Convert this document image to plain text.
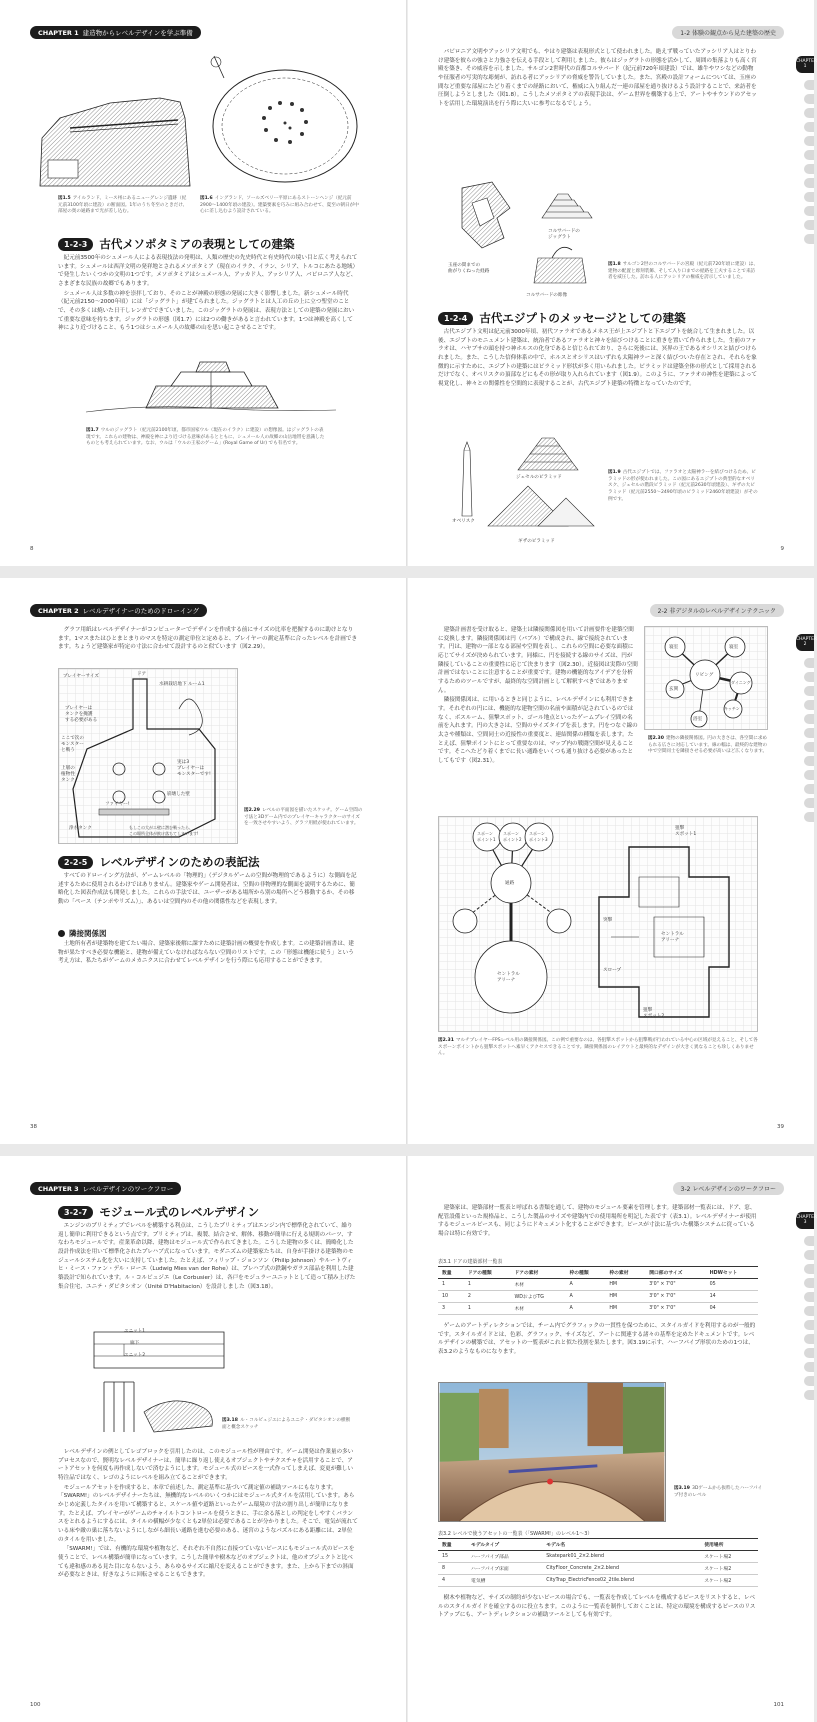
CHAPTER 1 建造物からレベルデザインを学ぶ準備
図1.5 アイルランド、ミース州にあるニューグレンジ遺跡（紀元前3100年頃に建設）の断面図。1年のうち冬至のときだけ、部屋の奥の通路まで光が差し込む。
図1.6 イングランド、ソールズベリー平原にあるストーンヘンジ（紀元前2900〜1400年頃の建設）。建築要素を巧みに組み合わせて、夏至の朝日が中心に差し込むよう設計されている。
1-2-3	古代メソポタミアの表現としての建築

紀元前3500年のシュメール人による表現技法の発明は、人類の歴史の先史時代と有史時代の境い目と広く考えられています。シュメールは西洋文明の発祥地とされるメソポタミア（現在のイラク、イラン、シリア、トルコにあたる地域）で発生したいくつかの文明の1つです。メソポタミアはシュメール人、アッカド人、アッシリア人、バビロニア人など、さまざまな民族の故郷でもあります。

シュメール人は多数の神を崇拝しており、そのことが神殿の形態の発展に大きく影響しました。新シュメール時代（紀元前2150〜2000年頃）には「ジッグラト」が建てられました。ジッグラトとは人工の丘の上に立つ聖堂のことで、その多くは焼いた日干しレンガでできていました。このジッグラトの発展は、表現方法としての建築の発展において重要な意味を持ちます。ジッグラトの形態（図1.7）には2つの働きがあると言われています。1つは神殿を高くして神により近づけること、もう1つはシュメール人の故郷の山を思い起こさせることです。

図1.7 ウルのジッグラト（紀元前2100年頃、都市国家ウル（現在のイラク）に建設）の想像図。はジッグラトの表現です。これらの建物は、神殿を神により近づける意味があるとともに、シュメール人の故郷の山岳地帯を意識したものとも考えられています。なお、ウルは「ウルの王家のゲーム」(Royal Game of Ur) でも有名です。
8
1-2 体験の観点から見た建築の歴史
CHAPTER 1

バビロニア文明やアッシリア文明でも、やはり建築は表現形式として使われました。絶えず戦っていたアッシリア人はとりわけ建築を彼らの強さと力強さを伝える手段として利用しました。彼らはジッグラトの形態を活かして、周囲の集落よりも高く宮殿を築き、その威容を示しました。サルゴン2世時代の首都コルサバード（紀元前720年頃建設）では、雄牛やワシなどの動物や征服者の写実的な彫刻が、訪れる者にアッシリアの脅威を警告していました。また、宮殿の設計フォームについては、玉座の間など重要な部屋にたどり着くまでの経路において、権威に入り組んだ一連の部屋を通り抜けるよう設計することで、来訪者を圧倒しようとしました（図1.8）。こうしたメソポタミアの表現手法は、ゲーム世界を構築する上で、アートやサウンドのアセットを活用した環境演出を行う際に大いに参考になるでしょう。

コルサバードの
ジッグラト
玉座の間までの
曲がりくねった経路
コルサバードの彫像
図1.8 サルゴン2世のコルサバードの宮殿（紀元前720年頃に建設）は、建物の配置と彫刻装飾、そして入り口までの経路を工夫することで来訪者を威圧した。訪れる人にアッシリアの権威を誇示していました。
1-2-4	古代エジプトのメッセージとしての建築

古代エジプト文明は紀元前3000年頃、初代ファラオであるメネス王が上エジプトと下エジプトを統合して生まれました。以後、エジプトのモニュメント建築は、統治者であるファラオと神々を結びつけることに重きを置いて作られました。生前のファラオは、ハヤブサの頭を持つ神ホルスの化身であると信じられており、さらに死後には、冥界の王であるオシリスと結びつけられました。また、こうした信仰体系の中で、ホルスとオシリスはいずれも太陽神ラーと深く結びついた存在とされ、それらを象徴的に示すために、エジプトの建築にはピラミッド形状が多く用いられました。ピラミッドは建築全体の形式として採用されるだけでなく、オベリスクの頂部などにもその形が取り入れられています（図1.9）。このように、ファラオの神性を建築によって視覚化し、神々との関係性を空間的に表現することが、古代エジプト建築の特徴となっていたのです。

ジェセルのピラミッド
オベリスク
ギザのピラミッド
図1.9 古代エジプトでは、ファラオと太陽神ラーを結びつけるため、ピラミッドの形が使われました。この図にあるエジプトの典型的なオベリスク、ジェセルの階段ピラミッド（紀元前2630年頃建設）、ギザの大ピラミッド（紀元前2550〜2490年頃のピラミッド2460年頃建設）がその例です。
9
CHAPTER 2 レベルデザイナーのためのドローイング

グラフ用紙はレベルデザイナーがコンピューターでデザインを作成する前にサイズの比率を把握するのに助けとなります。1マスまたはひとまとまりのマスを特定の測定単位と定めると、プレイヤーの測定基準に合ったレベルを計画できます。ちょうど建築家が特定の寸法に合わせて設計するのと似ています（図2.29）。

プレイヤーサイズ	ドア
水耕栽培地下 ルーム1
プレイヤーは
タンクを掩護
する必要がある
ここで次の
モンスター
と戦う
上層の
植物性
タンク
実は3
プレイヤーは
モンスターです!
崩壊した壁
ファイヤー!
浄水タンク	もしこの大がエ壁に潜む戦ったら、
この場所全体が飲け落ちてしまいます!
図2.29 レベルの平面図を描いたスケッチ。ゲーム空間の寸法と3Dゲーム内でのプレイヤーキャラクターのサイズを一致させやすいよう、グラフ用紙が使われています。
2-2-5	レベルデザインのための表記法

すべてのドローイング方法が、ゲームレベルの「物理的」（デジタルゲームの空間が物理的であるように）な側面を記述するために使用されるわけではありません。建築家やゲーム開発者は、空間の非物理的な側面を説明するために、簡略化した図表作成法も開発しました。これらの手法では、ユーザーがある場所から別の場所へどう移動するか、その移動の「ペース（テンポやリズム）」、あるいは空間内のその他の関係性などを表現します。

隣接関係図

土地所有者が建築物を建てたい場合、建築家後解に課すために建築計画の概要を作成します。この建築計画書は、建物が果たすべき必要な機能と、建物が備えていなければならない空間のリストです。この「形態は機能に従う」という考え方は、私たちがゲームのメカニクスに合わせてレベルデザインを行う際にも応用することができます。

38
2-2 非デジタルのレベルデザインテクニック
CHAPTER 2

建築計画書を受け取ると、建築士は隣接関係図を用いて計画要件を建築空間に変換します。隣接関係図は円（バブル）で構成され、線で接続されています。円は、建物の一部となる部屋や空間を表し、これらの空間に必要な面積に応じてサイズが決められています。同様に、円を接続する線のサイズは、円が隣接していることの重要性に応じて決まります（図2.30）。近接図は実際の空間計画ではないことに注意することが重要です。建物の機能的なアイデアを分析するためのツールですが、最終的な空間計画として解釈すべきではありません。

隣接関係図は、に用いるときと同じように、レベルデザインにも利用できます。それぞれの円には、機能的な建物空間の名前や面積が記されているのではなく、ボスルーム、狙撃スポット、ゴール地点といったゲームプレイ空間の名前を入れます。円の大きさは、空間のサイズタイプを表します。円をつなぐ線の太さや種類は、空間同士の近接性の重要度と、連結関係の種類を表します。たとえば、狙撃ポイントにとって重要なのは、マップ内の戦闘空間が見えることです。そこへたどり着くまでに長い通路をいくつも通り抜ける必要があったとしてもです（図2.31）。

寝室	寝室
リビング
ダイニング
キッチン
玄関
浴室
図2.30 建物の隣接関係図。円の大きさは、各空間に求められる広さに対応しています。線の幅は、最終的な建物の中で空間同士を隣接させる必要が高いほど広くなります。
スポーン
ポイント1
スポーン
ポイント2
スポーン
ポイント3
通路
セントラル
アリーナ
狙撃
スポット1
セントラル
アリーナ
突撃
スロープ
狙撃
スポット2
図2.31 マルチプレイヤーFPSレベル用の隣接関係図。この例で重要なのは、各狙撃スポットから狙撃戦が行われている中心の区域が見えること、そして各スポーンポイントから狙撃スポットへ素早くアクセスできることです。隣接関係図のレイアウトと最終的なデザインが大きく異なることも珍しくありません。
39
CHAPTER 3 レベルデザインのワークフロー
3-2-7	モジュール式のレベルデザイン

エンジンのプリミティブでレベルを構築する利点は、こうしたプリミティブはエンジン内で標準化されていて、繰り返し簡単に利用できるという点です。プリミティブは、複製、結合させ、解体、移動が簡単に行える規則のパーツ、すなわちモジュールです。産業革命以降、建物はモジュール式で作られてきました。こうした建物の多くは、簡略化した設計作成法を用いて標準化されたプレハブ式になっています。モダニズムの建築家たちは、自身が手掛ける建築物のモジュールシステム化を大いに支持していました。たとえば、フィリップ・ジョンソン（Philip Johnson）やルートヴィヒ・ミース・ファン・デル・ローエ（Ludwig Mies van der Rohe）は、プレハブ式の鉄鋼やガラス部品を利用した建築設計で知られています。ル・コルビュジエ（Le Corbusier）は、各戸をモジュラーユニットとして造って積み上げた集合住宅、ユニテ・ダビタシオン（Unité D'Habitacion）を設計しました（図3.18）。

ユニット1
廊下
ユニット2
図3.18 ル・コルビュジエによるユニテ・ダビタシオンの横断面と概念スケッチ

レベルデザインの例としてレゴブロックを引用したのは、このモジュール性が理由です。ゲーム開発は作業量の多いプロセスなので、賢明なレベルデザイナーは、簡単に繰り返し使えるオブジェクトやテクスチャを活用することで、アートアセットを何度も再作成しないで済むようにします。モジュール式のピースを一式作ってしまえば、変更が難しい特注品ではなく、レゴのようにレベルを組み立てることができます。

モジュールアセットを作成すると、本章で前述した、測定基準に基づいて測定値の補助ツールにもなります。「SWARM!」のレベルデザイナーたちは、無機的なレベルのいくつかにはモジュール式タイルを活用しています。あらかじめ定義したタイルを用いて構築すると、スケール値や道路といったゲーム環境の寸法の割り出しが簡単になります。たとえば、プレイヤーがゲームのチャイルトコントロールを使うときに、手に余る落としの判定をしやすくバランスをとれるようにするには、タイルの横幅が少なくとも2単位は必要であることが分かりました。そこで、電気が流れている床や敵の巣に落ちないようにしながら細長い通路を進む必要のある、迷宮のようなパズルにある距離には、2単位のタイルを用いました。

「SWARM!」では、有機的な環境や植物など、それぞれ不自然に直接つていないピースにもモジュール式のピースを使うことで、レベル構築が簡単になっています。こうした簡単や樹木などのオブジェクトは、他のオブジェクトと比べても違和感のある見た目にならないよう、あらゆるサイズに縮尺を変えることができます。また、上から下までの斜面が必要なときは、好きなように回転させることもできます。

100
3-2 レベルデザインのワークフロー
CHAPTER 3

建築家は、建築部材一覧表と呼ばれる書類を通して、建物のモジュール要素を管理します。建築部材一覧表には、ドア、窓、配管設備といった規格品と、こうした製品のサイズや建築内での使用場所を明記した表です（表3.1）。レベルデザイナーが使用するモジュールピースも、同じようにドキュメント化することができます。ピースが寸法に基づいた構築システムに従っている場合は特に有効です。

表3.1 ドアの建築部材一覧表
数量	ドアの種類	ドアの素材	枠の種類	枠の素材	開口部のサイズ	HDWセット
1	1	木材	A	HM	3'0" × 7'0"	05
10	2	WDおよびTG	A	HM	3'0" × 7'0"	14
3	1	木材	A	HM	3'0" × 7'0"	04

ゲームのアートディレクションでは、チーム内でグラフィックの一貫性を保つために、スタイルガイドを利用するのが一般的です。スタイルガイドとは、色彩、グラフィック、サイズなど、アートに関連する諸々の基準を定めたドキュメントです。レベルデザインの構築では、アセットの一覧表がこれと似た役割を果たします。図3.19に示す、ハーフパイプ形状のための1つは、表3.2のようなものになります。

図3.19 3Dゲームから抜粋したハーフパイプ付きのレベル
表3.2 レベルで使うアセットの一覧表（「SWARM!」のレベル1〜3）
数量	モデルタイプ	モデル名	使用場所
15	ハーフパイプ部品	Skatepark01_2×2.blend	スケート場2
8	ハーフパイプ床面	CityFloor_Concrete_2×2.blend	スケート場2
4	電気槽	CityTrap_ElectricFence02_2tile.blend	スケート場2

樹木や植物など、サイズの制約が少ないピースの場合でも、一覧表を作成してレベルを構成するピースをリストすると、レベルのスタイルガイドを確立するのに役立ちます。このように一覧表を制作しておくことは、特定の環境を構成するピースのリストアップにも、アートディレクションの補助ツールとしても有効です。

101
